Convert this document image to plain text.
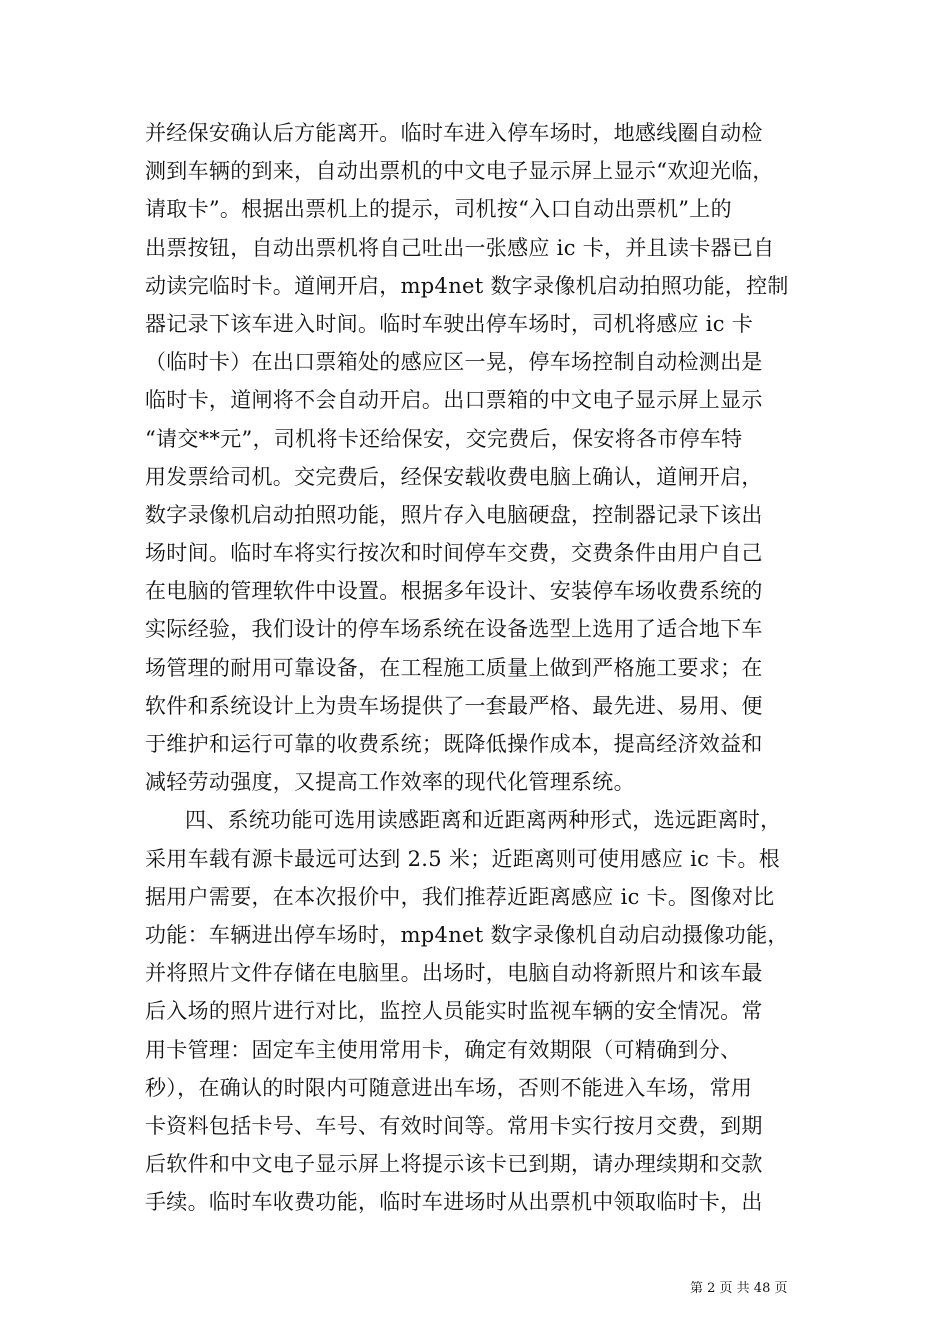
并经保安确认后方能离开。临时车进入停车场时，地感线圈自动检
测到车辆的到来，自动出票机的中文电子显示屏上显示“欢迎光临，
请取卡”。根据出票机上的提示，司机按“入口自动出票机”上的
出票按钮，自动出票机将自己吐出一张感应 ic 卡，并且读卡器已自
动读完临时卡。道闸开启，mp4net 数字录像机启动拍照功能，控制
器记录下该车进入时间。临时车驶出停车场时，司机将感应 ic 卡
（临时卡）在出口票箱处的感应区一晃，停车场控制自动检测出是
临时卡，道闸将不会自动开启。出口票箱的中文电子显示屏上显示
“请交**元”，司机将卡还给保安，交完费后，保安将各市停车特
用发票给司机。交完费后，经保安载收费电脑上确认，道闸开启，
数字录像机启动拍照功能，照片存入电脑硬盘，控制器记录下该出
场时间。临时车将实行按次和时间停车交费，交费条件由用户自己
在电脑的管理软件中设置。根据多年设计、安装停车场收费系统的
实际经验，我们设计的停车场系统在设备选型上选用了适合地下车
场管理的耐用可靠设备，在工程施工质量上做到严格施工要求；在
软件和系统设计上为贵车场提供了一套最严格、最先进、易用、便
于维护和运行可靠的收费系统；既降低操作成本，提高经济效益和
减轻劳动强度，又提高工作效率的现代化管理系统。
四、系统功能可选用读感距离和近距离两种形式，选远距离时，
采用车载有源卡最远可达到 2.5 米；近距离则可使用感应 ic 卡。根
据用户需要，在本次报价中，我们推荐近距离感应 ic 卡。图像对比
功能：车辆进出停车场时，mp4net 数字录像机自动启动摄像功能，
并将照片文件存储在电脑里。出场时，电脑自动将新照片和该车最
后入场的照片进行对比，监控人员能实时监视车辆的安全情况。常
用卡管理：固定车主使用常用卡，确定有效期限（可精确到分、
秒），在确认的时限内可随意进出车场，否则不能进入车场，常用
卡资料包括卡号、车号、有效时间等。常用卡实行按月交费，到期
后软件和中文电子显示屏上将提示该卡已到期，请办理续期和交款
手续。临时车收费功能，临时车进场时从出票机中领取临时卡，出
第 2 页 共 48 页
